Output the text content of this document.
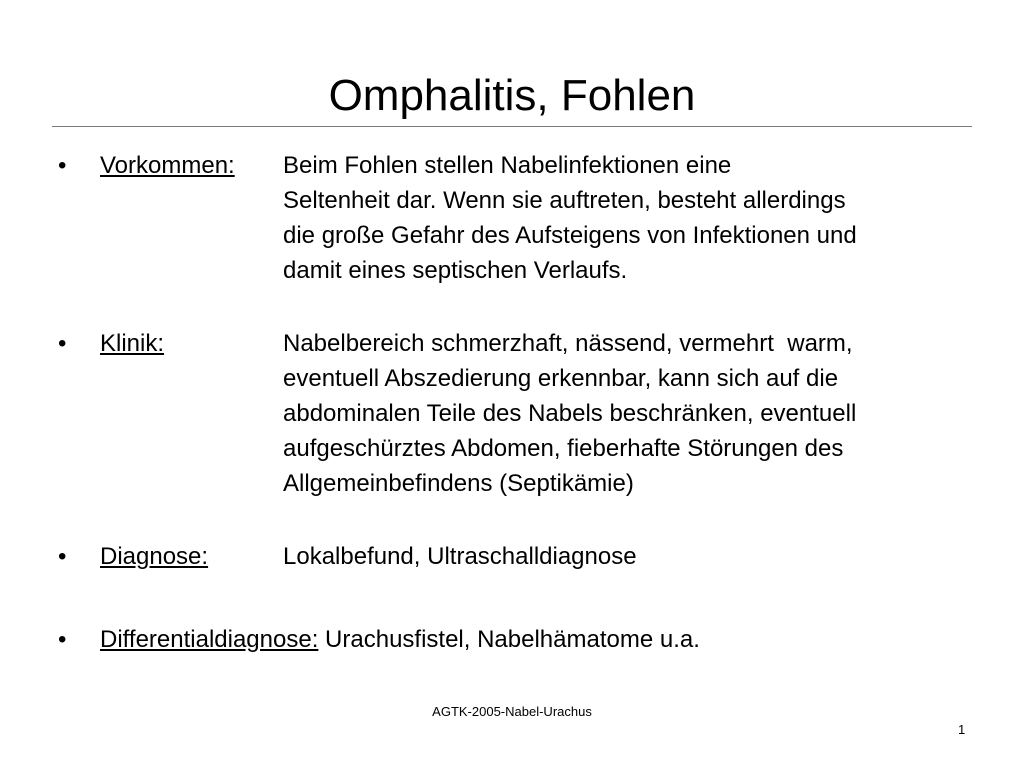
Omphalitis, Fohlen
• Vorkommen:	Beim Fohlen stellen Nabelinfektionen eine
Seltenheit dar. Wenn sie auftreten, besteht allerdings
die große Gefahr des Aufsteigens von Infektionen und
damit eines septischen Verlaufs.
• Klinik:	Nabelbereich schmerzhaft, nässend, vermehrt  warm,
eventuell Abszedierung erkennbar, kann sich auf die
abdominalen Teile des Nabels beschränken, eventuell
aufgeschürztes Abdomen, fieberhafte Störungen des
Allgemeinbefindens (Septikämie)
• Diagnose:	Lokalbefund, Ultraschalldiagnose
• Differentialdiagnose: Urachusfistel, Nabelhämatome u.a.
AGTK-2005-Nabel-Urachus
1
